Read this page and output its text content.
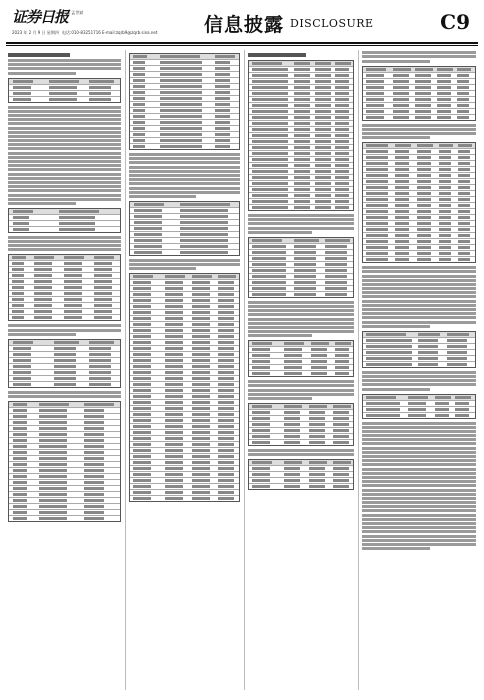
证券日报
编辑 孟世斌
2023 年 2 月 9 日 星期四 电话:010-83251716 E-mail:zqrb9@zqrb.sina.net 信息披露 DISCLOSURE	C9
